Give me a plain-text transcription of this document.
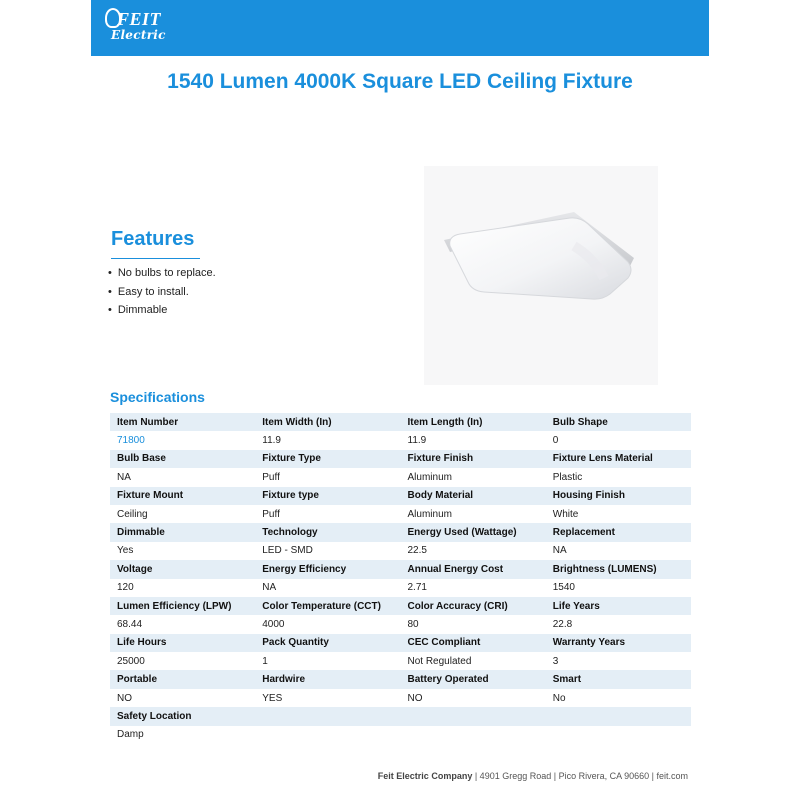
FEIT
Electric
1540 Lumen 4000K Square LED Ceiling Fixture
Features
• No bulbs to replace.
• Easy to install.
• Dimmable
Specifications
Item Number	Item Width (In)	Item Length (In)	Bulb Shape
71800	11.9	11.9	0
Bulb Base	Fixture Type	Fixture Finish	Fixture Lens Material
NA	Puff	Aluminum	Plastic
Fixture Mount	Fixture type	Body Material	Housing Finish
Ceiling	Puff	Aluminum	White
Dimmable	Technology	Energy Used (Wattage)	Replacement
Yes	LED - SMD	22.5	NA
Voltage	Energy Efficiency	Annual Energy Cost	Brightness (LUMENS)
120	NA	2.71	1540
Lumen Efficiency (LPW)	Color Temperature (CCT)	Color Accuracy (CRI)	Life Years
68.44	4000	80	22.8
Life Hours	Pack Quantity	CEC Compliant	Warranty Years
25000	1	Not Regulated	3
Portable	Hardwire	Battery Operated	Smart
NO	YES	NO	No
Safety Location			
Damp			
Feit Electric Company | 4901 Gregg Road | Pico Rivera, CA 90660 | feit.com
